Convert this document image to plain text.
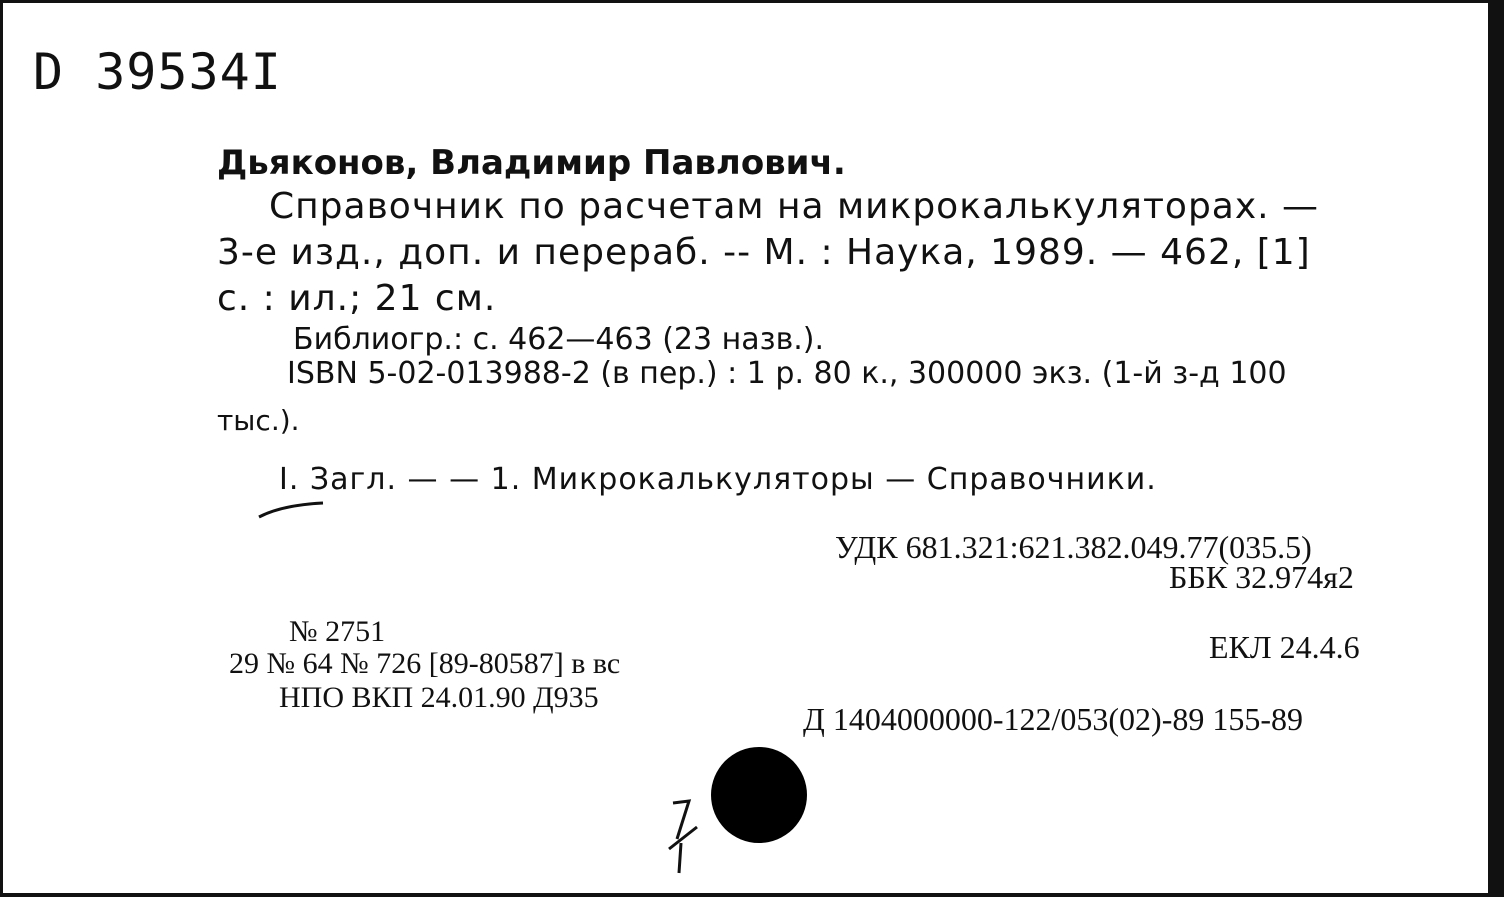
D 39534I
Дьяконов, Владимир Павлович.
Справочник по расчетам на микрокалькуляторах. —
3-е изд., доп. и перераб. -- М. : Наука, 1989. — 462, [1]
с. : ил.; 21 см.
Библиогр.: с. 462—463 (23 назв.).
ISBN 5-02-013988-2 (в пер.) : 1 р. 80 к., 300000 экз. (1-й з-д 100
тыс.).
I. Загл. — — 1. Микрокалькуляторы — Справочники.
УДК 681.321:621.382.049.77(035.5)
ББК 32.974я2
ЕКЛ 24.4.6
Д 1404000000-122/053(02)-89 155-89
№ 2751
29 № 64 № 726 [89-80587] в вс
НПО ВКП 24.01.90 Д935
